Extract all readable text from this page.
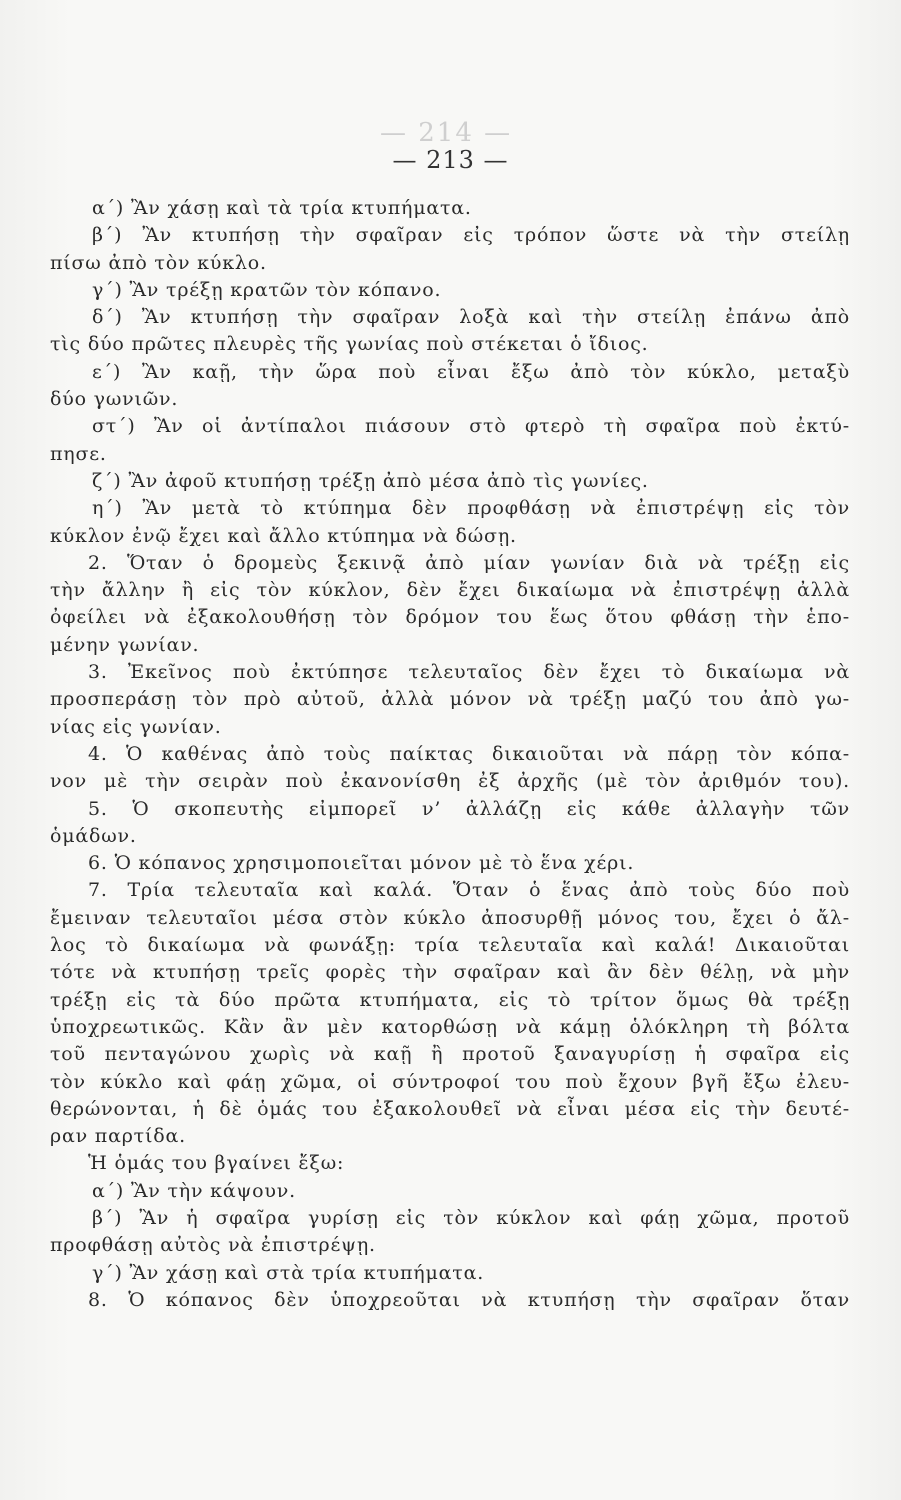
— 214 —
— 213 —
α΄) Ἂν χάσῃ καὶ τὰ τρία κτυπήματα.
β΄) Ἂν κτυπήσῃ τὴν σφαῖραν εἰς τρόπον ὥστε νὰ τὴν στείλῃ
πίσω ἀπὸ τὸν κύκλο.
γ΄) Ἂν τρέξῃ κρατῶν τὸν κόπανο.
δ΄) Ἂν κτυπήσῃ τὴν σφαῖραν λοξὰ καὶ τὴν στείλῃ ἐπάνω ἀπὸ
τὶς δύο πρῶτες πλευρὲς τῆς γωνίας ποὺ στέκεται ὁ ἴδιος.
ε΄) Ἂν καῇ, τὴν ὥρα ποὺ εἶναι ἔξω ἀπὸ τὸν κύκλο, μεταξὺ
δύο γωνιῶν.
στ΄) Ἂν οἱ ἀντίπαλοι πιάσουν στὸ φτερὸ τὴ σφαῖρα ποὺ ἐκτύ-
πησε.
ζ΄) Ἂν ἀφοῦ κτυπήσῃ τρέξῃ ἀπὸ μέσα ἀπὸ τὶς γωνίες.
η΄) Ἂν μετὰ τὸ κτύπημα δὲν προφθάσῃ νὰ ἐπιστρέψῃ εἰς τὸν
κύκλον ἐνῷ ἔχει καὶ ἄλλο κτύπημα νὰ δώσῃ.
2. Ὅταν ὁ δρομεὺς ξεκινᾷ ἀπὸ μίαν γωνίαν διὰ νὰ τρέξῃ εἰς
τὴν ἄλλην ἢ εἰς τὸν κύκλον, δὲν ἔχει δικαίωμα νὰ ἐπιστρέψῃ ἀλλὰ
ὀφείλει νὰ ἐξακολουθήσῃ τὸν δρόμον του ἕως ὅτου φθάσῃ τὴν ἑπο-
μένην γωνίαν.
3. Ἐκεῖνος ποὺ ἐκτύπησε τελευταῖος δὲν ἔχει τὸ δικαίωμα νὰ
προσπεράσῃ τὸν πρὸ αὐτοῦ, ἀλλὰ μόνον νὰ τρέξῃ μαζύ του ἀπὸ γω-
νίας εἰς γωνίαν.
4. Ὁ καθένας ἀπὸ τοὺς παίκτας δικαιοῦται νὰ πάρῃ τὸν κόπα-
νον μὲ τὴν σειρὰν ποὺ ἐκανονίσθη ἐξ ἀρχῆς (μὲ τὸν ἀριθμόν του).
5. Ὁ σκοπευτὴς εἰμπορεῖ ν’ ἀλλάζῃ εἰς κάθε ἀλλαγὴν τῶν
ὁμάδων.
6. Ὁ κόπανος χρησιμοποιεῖται μόνον μὲ τὸ ἕνα χέρι.
7. Τρία τελευταῖα καὶ καλά. Ὅταν ὁ ἕνας ἀπὸ τοὺς δύο ποὺ
ἔμειναν τελευταῖοι μέσα στὸν κύκλο ἀποσυρθῇ μόνος του, ἔχει ὁ ἄλ-
λος τὸ δικαίωμα νὰ φωνάξῃ: τρία τελευταῖα καὶ καλά! Δικαιοῦται
τότε νὰ κτυπήσῃ τρεῖς φορὲς τὴν σφαῖραν καὶ ἂν δὲν θέλῃ, νὰ μὴν
τρέξῃ εἰς τὰ δύο πρῶτα κτυπήματα, εἰς τὸ τρίτον ὅμως θὰ τρέξῃ
ὑποχρεωτικῶς. Κἂν ἂν μὲν κατορθώσῃ νὰ κάμῃ ὁλόκληρη τὴ βόλτα
τοῦ πενταγώνου χωρὶς νὰ καῇ ἢ προτοῦ ξαναγυρίσῃ ἡ σφαῖρα εἰς
τὸν κύκλο καὶ φάῃ χῶμα, οἱ σύντροφοί του ποὺ ἔχουν βγῆ ἔξω ἐλευ-
θερώνονται, ἡ δὲ ὁμάς του ἐξακολουθεῖ νὰ εἶναι μέσα εἰς τὴν δευτέ-
ραν παρτίδα.
Ἡ ὁμάς του βγαίνει ἔξω:
α΄) Ἂν τὴν κάψουν.
β΄) Ἂν ἡ σφαῖρα γυρίσῃ εἰς τὸν κύκλον καὶ φάῃ χῶμα, προτοῦ
προφθάσῃ αὐτὸς νὰ ἐπιστρέψῃ.
γ΄) Ἂν χάσῃ καὶ στὰ τρία κτυπήματα.
8. Ὁ κόπανος δὲν ὑποχρεοῦται νὰ κτυπήσῃ τὴν σφαῖραν ὅταν
